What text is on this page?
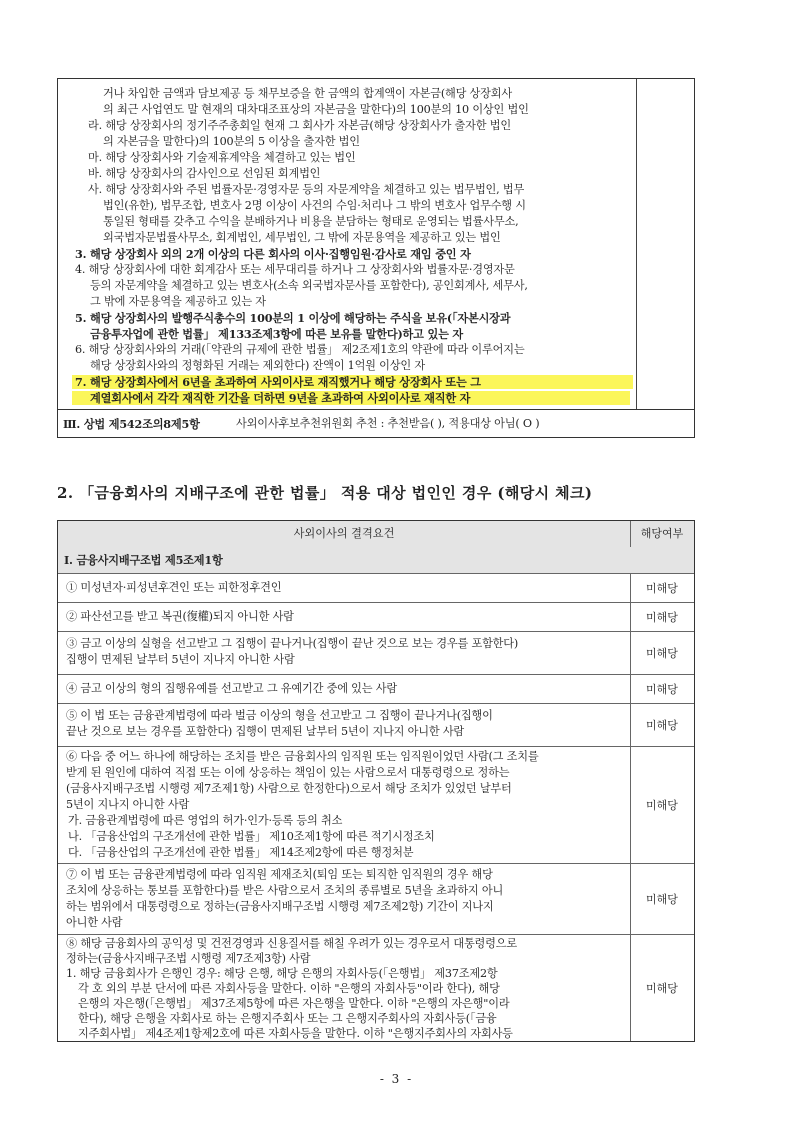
거나 차입한 금액과 담보제공 등 채무보증을 한 금액의 합계액이 자본금(해당 상장회사
의 최근 사업연도 말 현재의 대차대조표상의 자본금을 말한다)의 100분의 10 이상인 법인
라. 해당 상장회사의 정기주주총회일 현재 그 회사가 자본금(해당 상장회사가 출자한 법인
의 자본금을 말한다)의 100분의 5 이상을 출자한 법인
마. 해당 상장회사와 기술제휴계약을 체결하고 있는 법인
바. 해당 상장회사의 감사인으로 선임된 회계법인
사. 해당 상장회사와 주된 법률자문·경영자문 등의 자문계약을 체결하고 있는 법무법인, 법무
법인(유한), 법무조합, 변호사 2명 이상이 사건의 수임·처리나 그 밖의 변호사 업무수행 시
통일된 형태를 갖추고 수익을 분배하거나 비용을 분담하는 형태로 운영되는 법률사무소,
외국법자문법률사무소, 회계법인, 세무법인, 그 밖에 자문용역을 제공하고 있는 법인
3. 해당 상장회사 외의 2개 이상의 다른 회사의 이사·집행임원·감사로 재임 중인 자
4. 해당 상장회사에 대한 회계감사 또는 세무대리를 하거나 그 상장회사와 법률자문·경영자문
등의 자문계약을 체결하고 있는 변호사(소속 외국법자문사를 포함한다), 공인회계사, 세무사,
그 밖에 자문용역을 제공하고 있는 자
5. 해당 상장회사의 발행주식총수의 100분의 1 이상에 해당하는 주식을 보유(「자본시장과
금융투자업에 관한 법률」 제133조제3항에 따른 보유를 말한다)하고 있는 자
6. 해당 상장회사와의 거래(「약관의 규제에 관한 법률」 제2조제1호의 약관에 따라 이루어지는
해당 상장회사와의 정형화된 거래는 제외한다) 잔액이 1억원 이상인 자
7. 해당 상장회사에서 6년을 초과하여 사외이사로 재직했거나 해당 상장회사 또는 그
계열회사에서 각각 재직한 기간을 더하면 9년을 초과하여 사외이사로 재직한 자
Ⅲ. 상법 제542조의8제5항	사외이사후보추천위원회 추천 : 추천받음( ), 적용대상 아님( O )
2. 「금융회사의 지배구조에 관한 법률」 적용 대상 법인인 경우 (해당시 체크)
사외이사의 결격요건	해당여부
Ⅰ. 금융사지배구조법 제5조제1항
① 미성년자·피성년후견인 또는 피한정후견인	미해당
② 파산선고를 받고 복권(復權)되지 아니한 사람	미해당
③ 금고 이상의 실형을 선고받고 그 집행이 끝나거나(집행이 끝난 것으로 보는 경우를 포함한다)
집행이 면제된 날부터 5년이 지나지 아니한 사람	미해당
④ 금고 이상의 형의 집행유예를 선고받고 그 유예기간 중에 있는 사람	미해당
⑤ 이 법 또는 금융관계법령에 따라 벌금 이상의 형을 선고받고 그 집행이 끝나거나(집행이
끝난 것으로 보는 경우를 포함한다) 집행이 면제된 날부터 5년이 지나지 아니한 사람	미해당
⑥ 다음 중 어느 하나에 해당하는 조치를 받은 금융회사의 임직원 또는 임직원이었던 사람(그 조치를
받게 된 원인에 대하여 직접 또는 이에 상응하는 책임이 있는 사람으로서 대통령령으로 정하는
(금융사지배구조법 시행령 제7조제1항) 사람으로 한정한다)으로서 해당 조치가 있었던 날부터
5년이 지나지 아니한 사람
가. 금융관계법령에 따른 영업의 허가·인가·등록 등의 취소
나. 「금융산업의 구조개선에 관한 법률」 제10조제1항에 따른 적기시정조치
다. 「금융산업의 구조개선에 관한 법률」 제14조제2항에 따른 행정처분
미해당
⑦ 이 법 또는 금융관계법령에 따라 임직원 제재조치(퇴임 또는 퇴직한 임직원의 경우 해당
조치에 상응하는 통보를 포함한다)를 받은 사람으로서 조치의 종류별로 5년을 초과하지 아니
하는 범위에서 대통령령으로 정하는(금융사지배구조법 시행령 제7조제2항) 기간이 지나지
아니한 사람
미해당
⑧ 해당 금융회사의 공익성 및 건전경영과 신용질서를 해칠 우려가 있는 경우로서 대통령령으로
정하는(금융사지배구조법 시행령 제7조제3항) 사람
1. 해당 금융회사가 은행인 경우: 해당 은행, 해당 은행의 자회사등(「은행법」 제37조제2항
각 호 외의 부분 단서에 따른 자회사등을 말한다. 이하 "은행의 자회사등"이라 한다), 해당
은행의 자은행(「은행법」 제37조제5항에 따른 자은행을 말한다. 이하 "은행의 자은행"이라
한다), 해당 은행을 자회사로 하는 은행지주회사 또는 그 은행지주회사의 자회사등(「금융
지주회사법」 제4조제1항제2호에 따른 자회사등을 말한다. 이하 "은행지주회사의 자회사등
미해당
- 3 -
